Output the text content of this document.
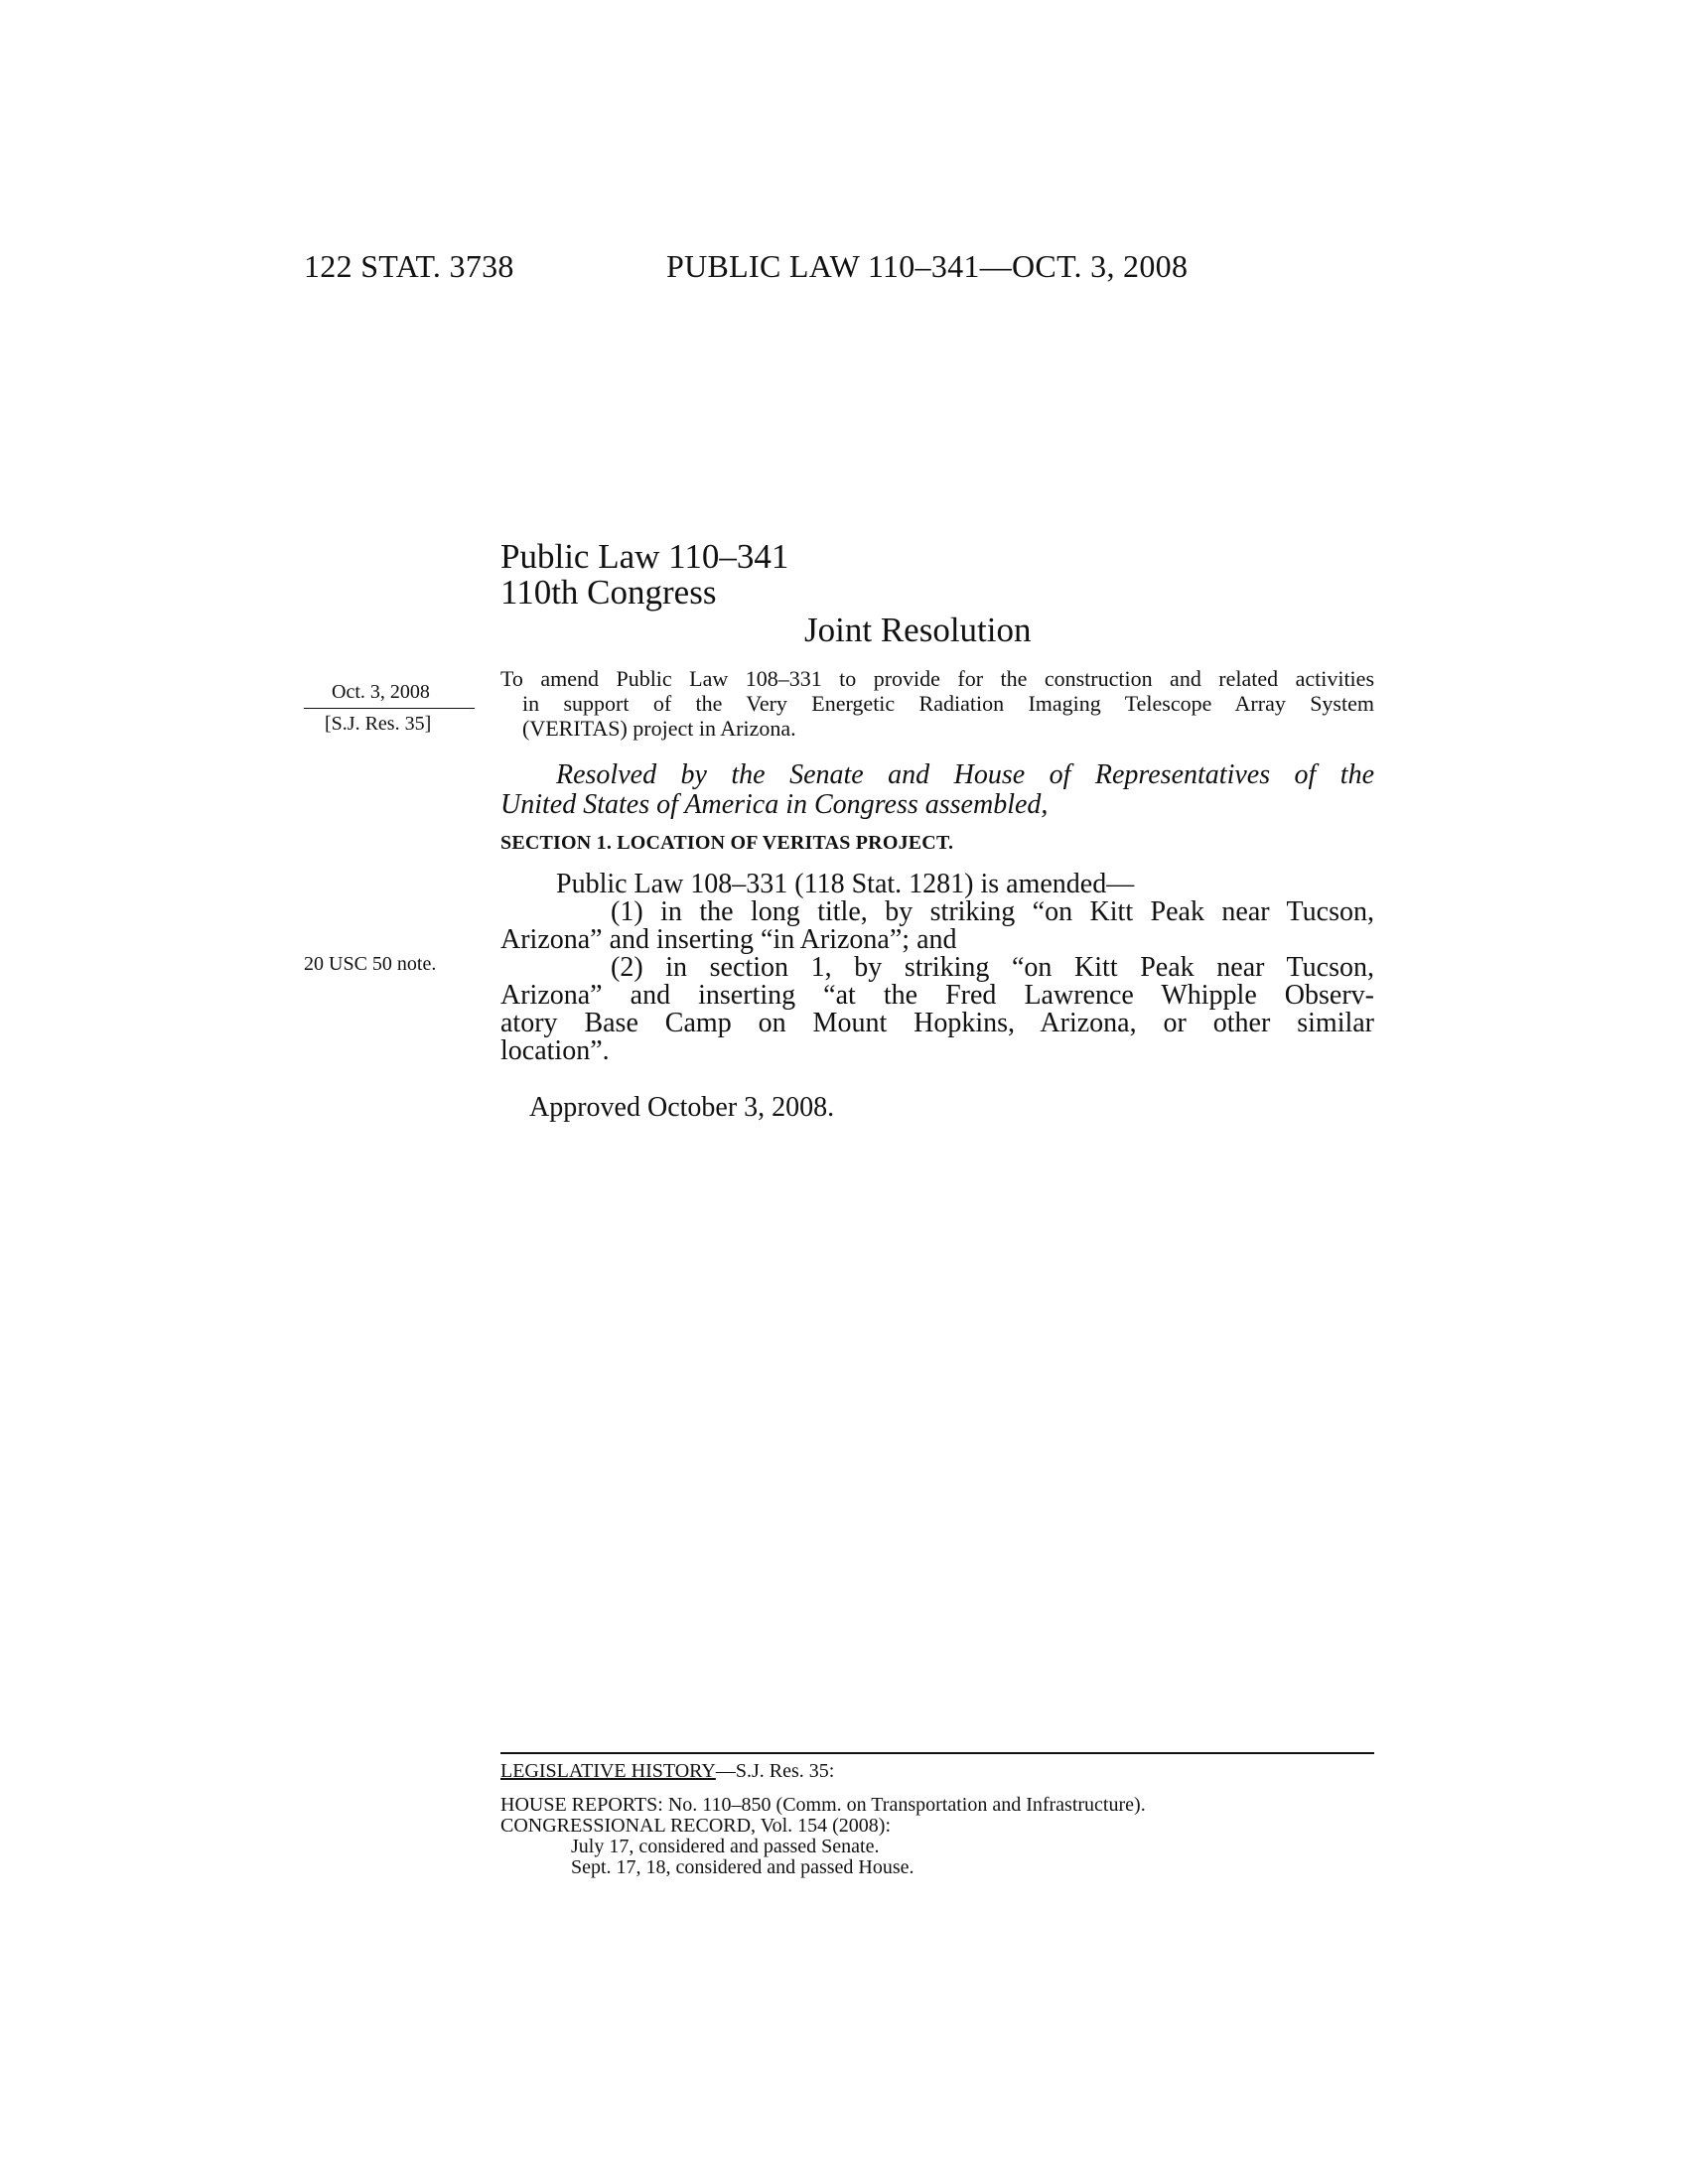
122 STAT. 3738	PUBLIC LAW 110–341—OCT. 3, 2008
Public Law 110–341
110th Congress
Joint Resolution
Oct. 3, 2008
[S.J. Res. 35]
20 USC 50 note.
To amend Public Law 108–331 to provide for the construction and related activities
in support of the Very Energetic Radiation Imaging Telescope Array System
(VERITAS) project in Arizona.
Resolved by the Senate and House of Representatives of the
United States of America in Congress assembled,
SECTION 1. LOCATION OF VERITAS PROJECT.
Public Law 108–331 (118 Stat. 1281) is amended—
(1) in the long title, by striking “on Kitt Peak near Tucson,
Arizona” and inserting “in Arizona”; and
(2) in section 1, by striking “on Kitt Peak near Tucson,
Arizona” and inserting “at the Fred Lawrence Whipple Observ-
atory Base Camp on Mount Hopkins, Arizona, or other similar
location”.
Approved October 3, 2008.
LEGISLATIVE HISTORY—S.J. Res. 35:
HOUSE REPORTS: No. 110–850 (Comm. on Transportation and Infrastructure).
CONGRESSIONAL RECORD, Vol. 154 (2008):
July 17, considered and passed Senate.
Sept. 17, 18, considered and passed House.
